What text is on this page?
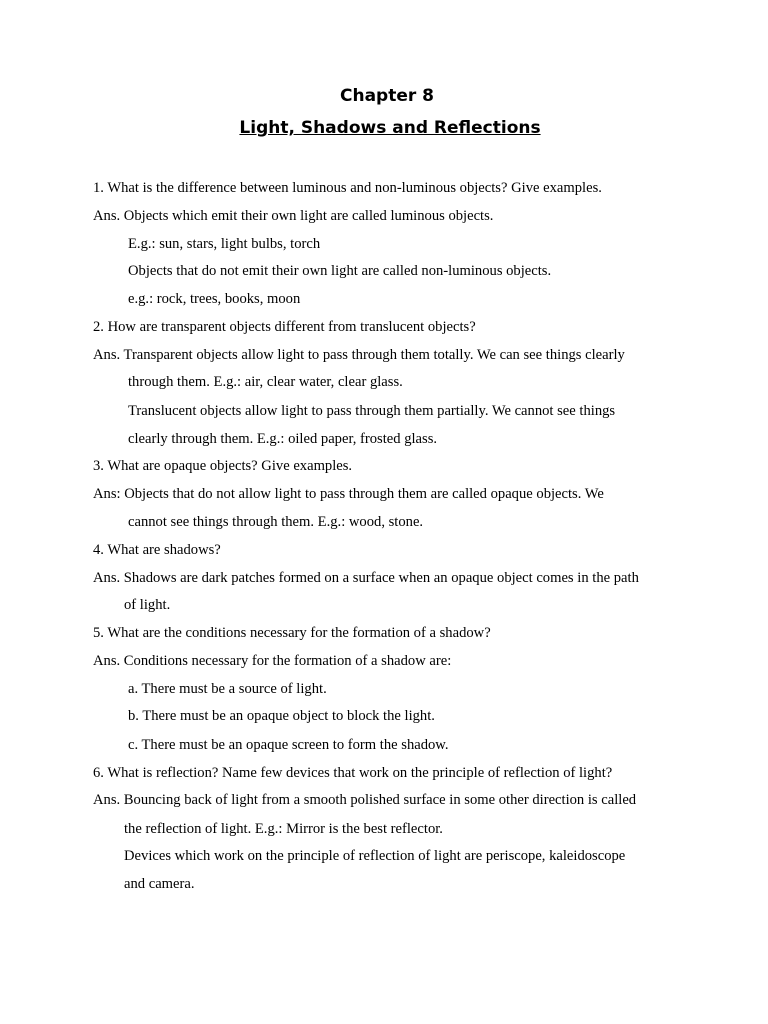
Chapter 8
Light, Shadows and Reflections
1. What is the difference between luminous and non-luminous objects? Give examples.
Ans. Objects which emit their own light are called luminous objects.
E.g.: sun, stars, light bulbs, torch
Objects that do not emit their own light are called non-luminous objects.
e.g.: rock, trees, books, moon
2. How are transparent objects different from translucent objects?
Ans. Transparent objects allow light to pass through them totally. We can see things clearly
through them. E.g.: air, clear water, clear glass.
Translucent objects allow light to pass through them partially. We cannot see things
clearly through them. E.g.: oiled paper, frosted glass.
3. What are opaque objects? Give examples.
Ans: Objects that do not allow light to pass through them are called opaque objects. We
cannot see things through them. E.g.: wood, stone.
4. What are shadows?
Ans. Shadows are dark patches formed on a surface when an opaque object comes in the path
of light.
5. What are the conditions necessary for the formation of a shadow?
Ans. Conditions necessary for the formation of a shadow are:
a. There must be a source of light.
b. There must be an opaque object to block the light.
c. There must be an opaque screen to form the shadow.
6. What is reflection? Name few devices that work on the principle of reflection of light?
Ans. Bouncing back of light from a smooth polished surface in some other direction is called
the reflection of light. E.g.: Mirror is the best reflector.
Devices which work on the principle of reflection of light are periscope, kaleidoscope
and camera.
